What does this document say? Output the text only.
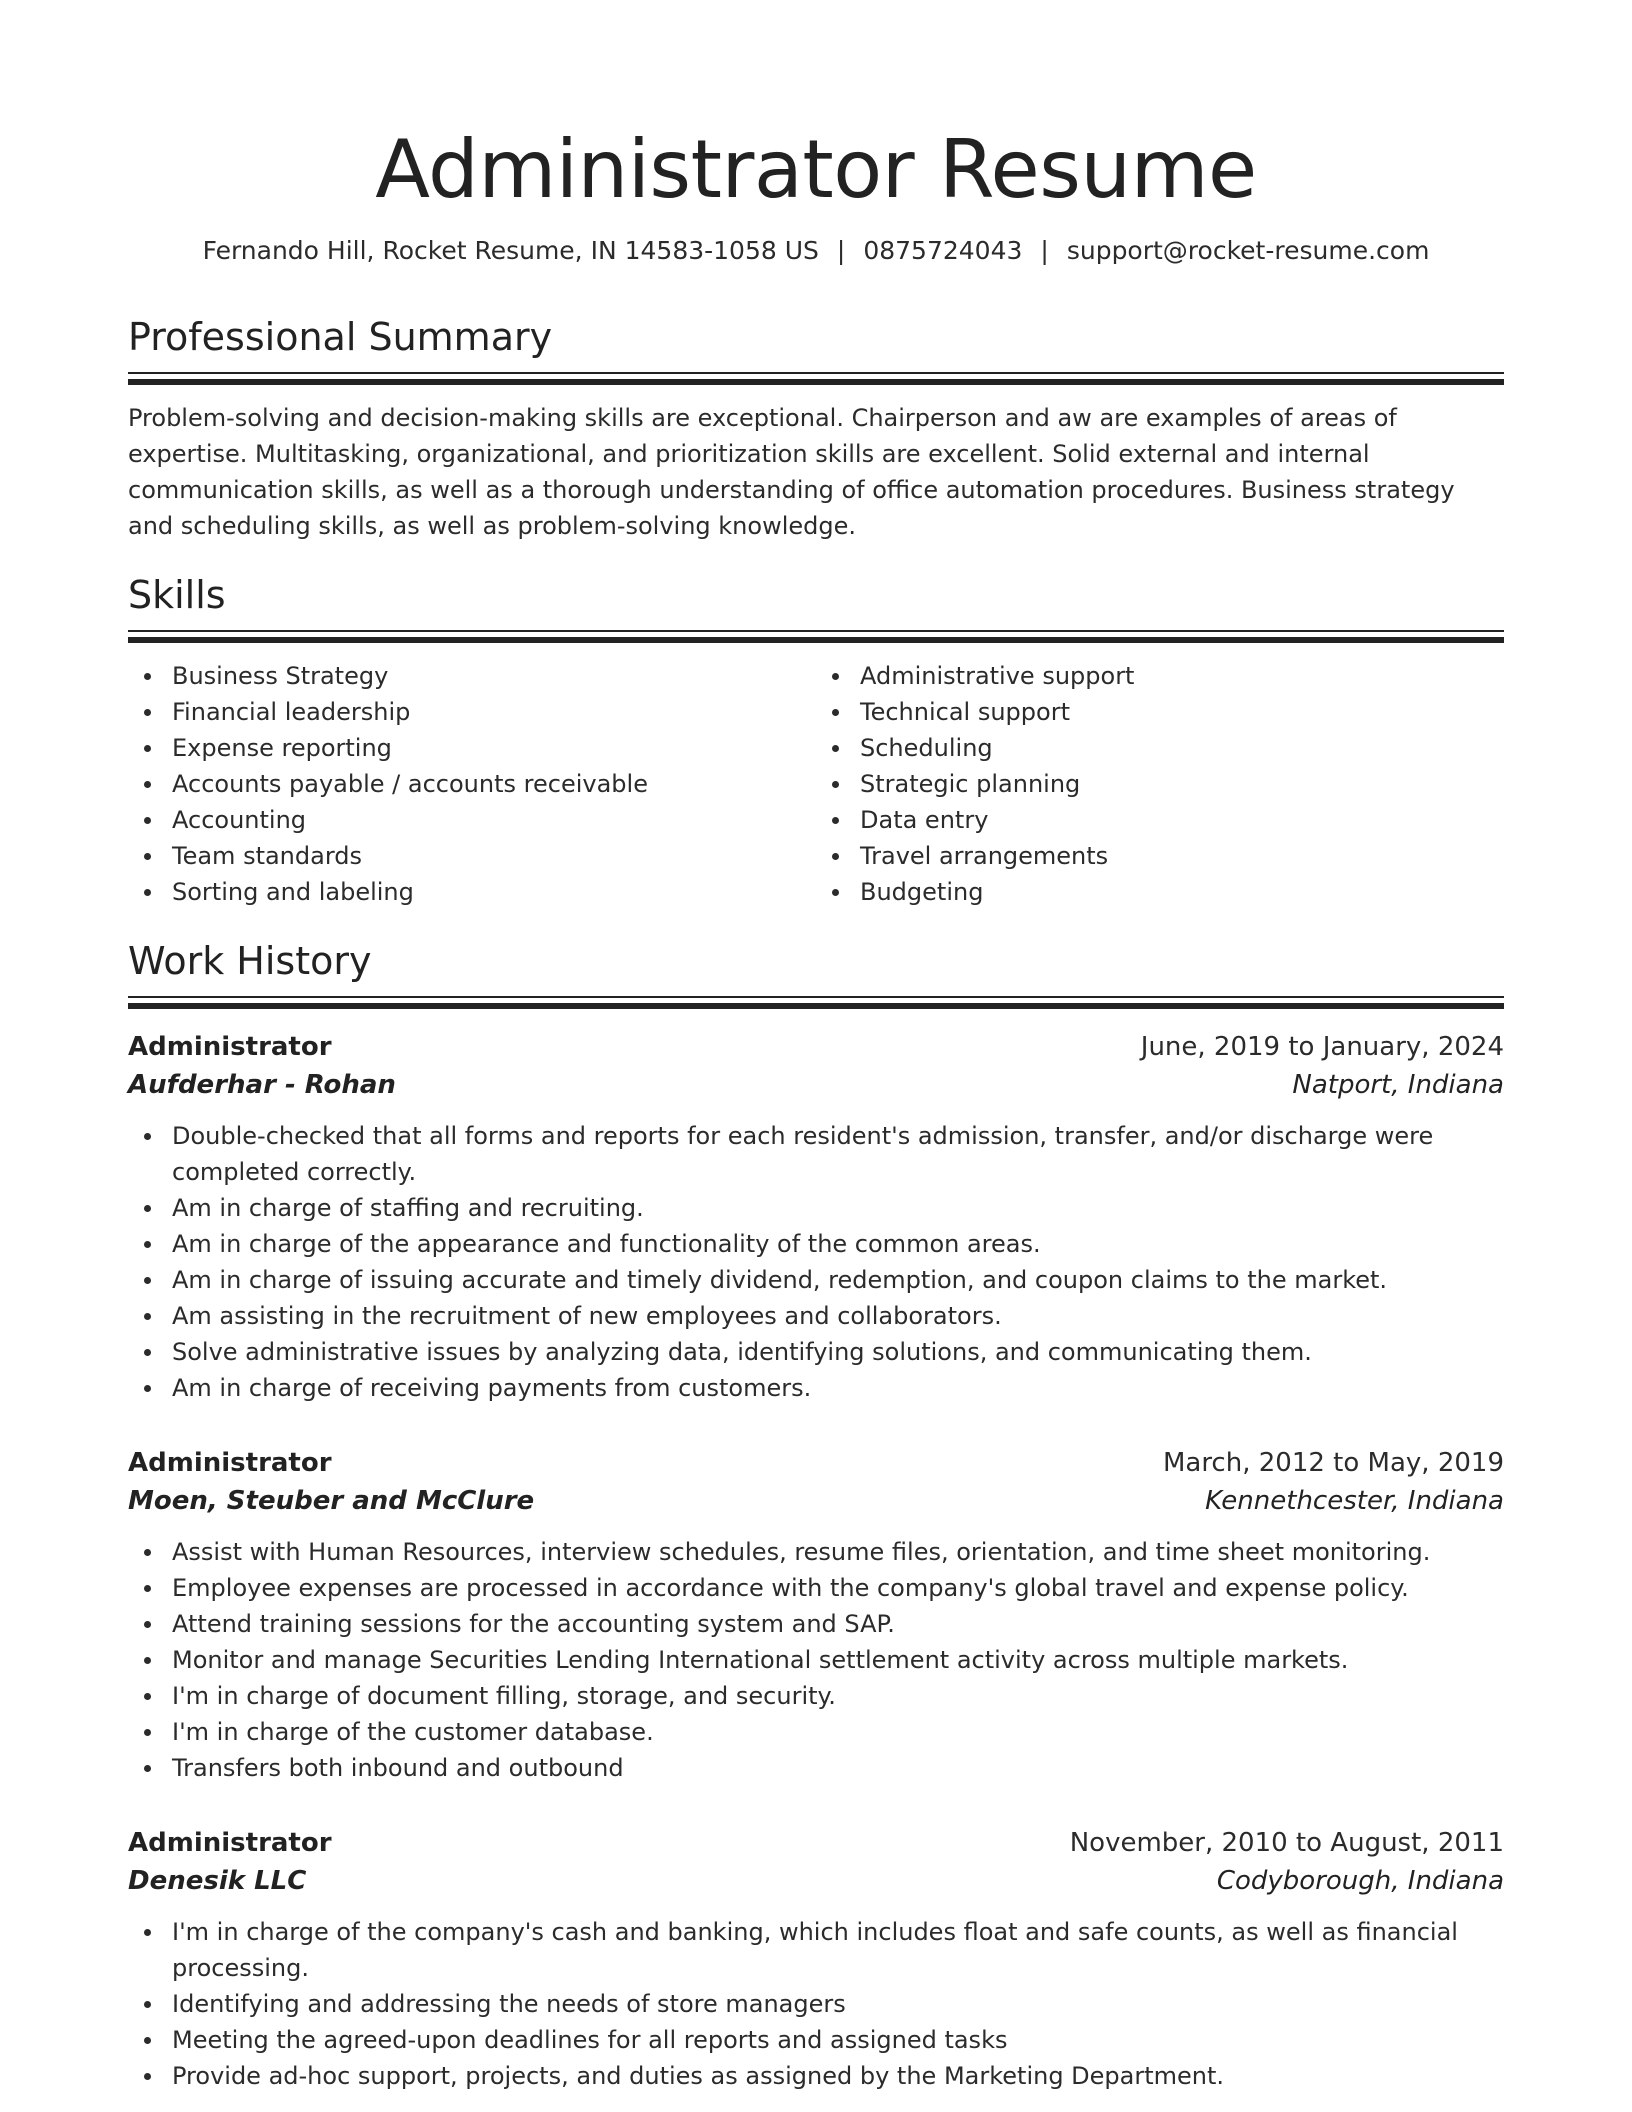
Administrator Resume
Fernando Hill, Rocket Resume, IN 14583-1058 US | 0875724043 | support@rocket-resume.com
Professional Summary

Problem-solving and decision-making skills are exceptional. Chairperson and aw are examples of areas of expertise. Multitasking, organizational, and prioritization skills are excellent. Solid external and internal communication skills, as well as a thorough understanding of office automation procedures. Business strategy and scheduling skills, as well as problem-solving knowledge.

Skills
Business Strategy
Financial leadership
Expense reporting
Accounts payable / accounts receivable
Accounting
Team standards
Sorting and labeling
Administrative support
Technical support
Scheduling
Strategic planning
Data entry
Travel arrangements
Budgeting
Work History
Administrator	June, 2019 to January, 2024
Aufderhar - Rohan	Natport, Indiana
Double-checked that all forms and reports for each resident's admission, transfer, and/or discharge were completed correctly.
Am in charge of staffing and recruiting.
Am in charge of the appearance and functionality of the common areas.
Am in charge of issuing accurate and timely dividend, redemption, and coupon claims to the market.
Am assisting in the recruitment of new employees and collaborators.
Solve administrative issues by analyzing data, identifying solutions, and communicating them.
Am in charge of receiving payments from customers.
Administrator	March, 2012 to May, 2019
Moen, Steuber and McClure	Kennethcester, Indiana
Assist with Human Resources, interview schedules, resume files, orientation, and time sheet monitoring.
Employee expenses are processed in accordance with the company's global travel and expense policy.
Attend training sessions for the accounting system and SAP.
Monitor and manage Securities Lending International settlement activity across multiple markets.
I'm in charge of document filling, storage, and security.
I'm in charge of the customer database.
Transfers both inbound and outbound
Administrator	November, 2010 to August, 2011
Denesik LLC	Codyborough, Indiana
I'm in charge of the company's cash and banking, which includes float and safe counts, as well as financial processing.
Identifying and addressing the needs of store managers
Meeting the agreed-upon deadlines for all reports and assigned tasks
Provide ad-hoc support, projects, and duties as assigned by the Marketing Department.
